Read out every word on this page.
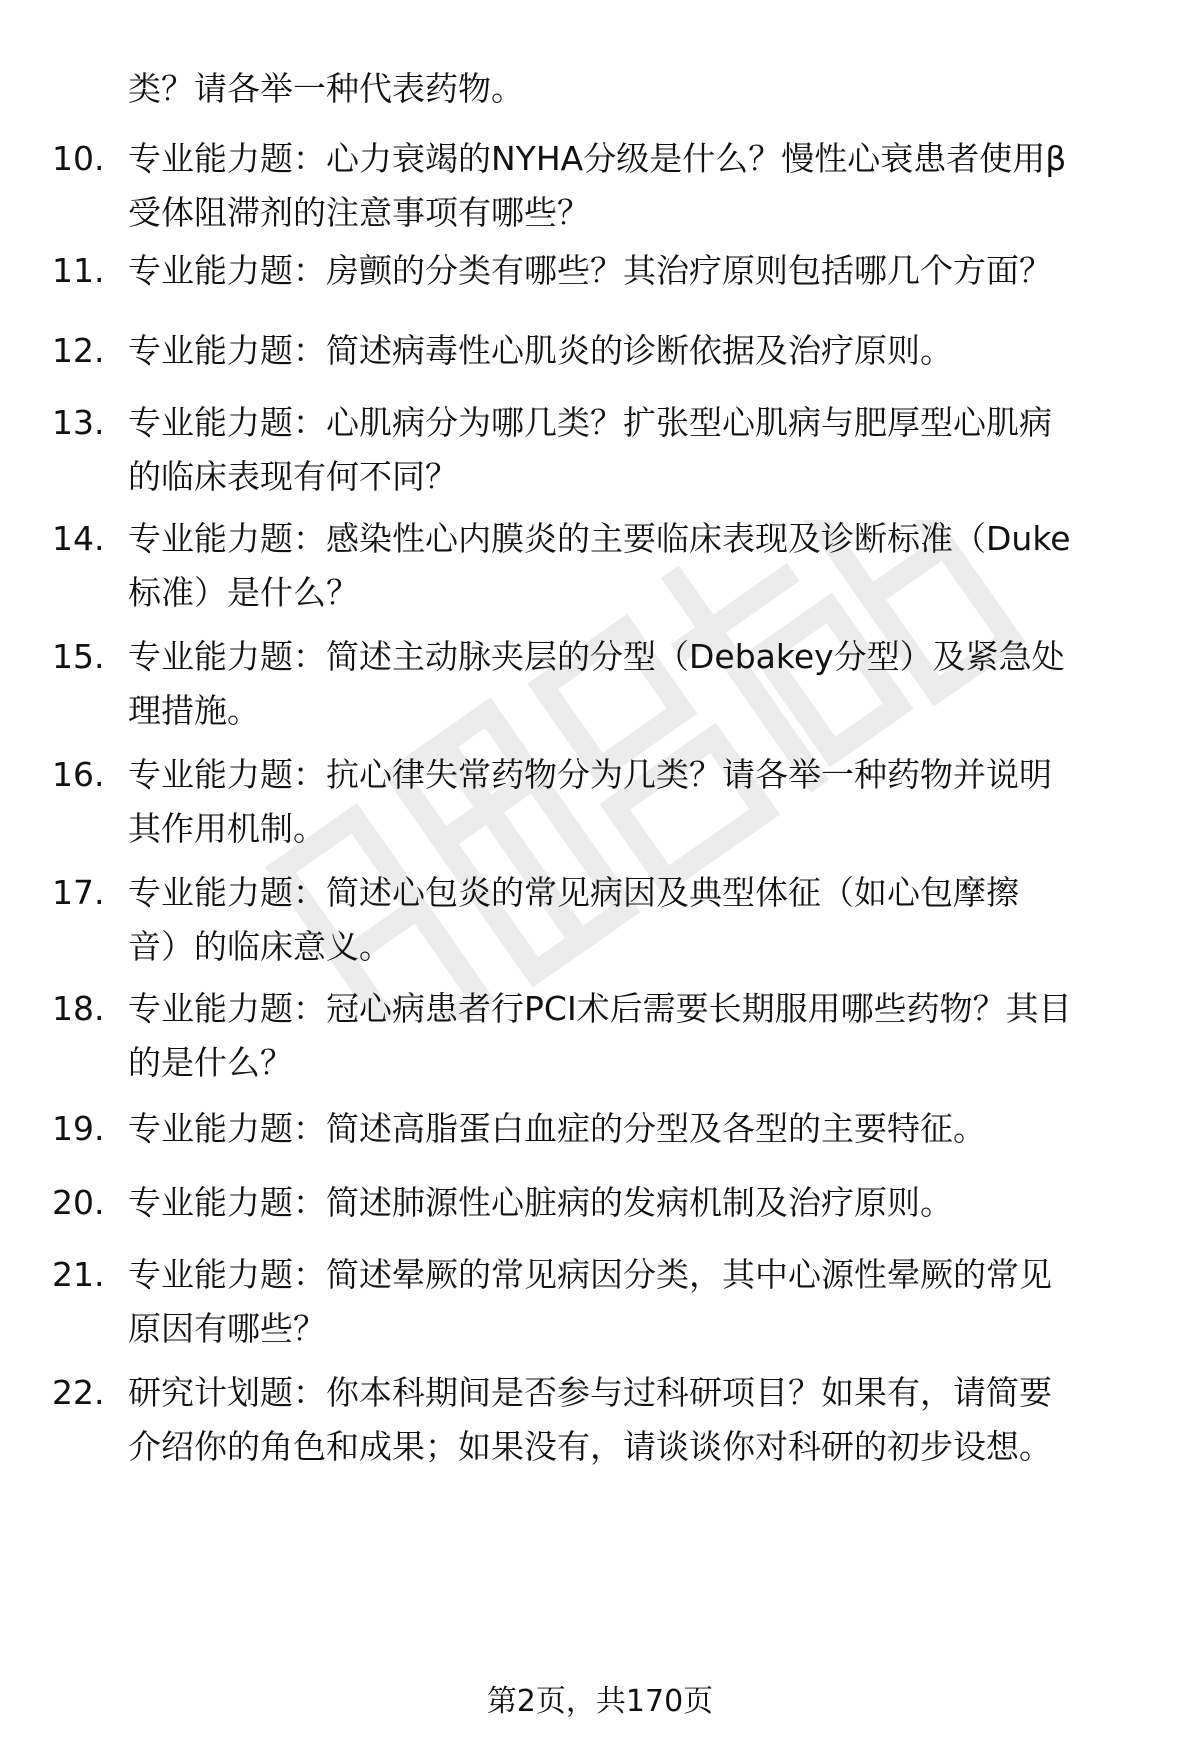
类？请各举一种代表药物。
10. 专业能力题：心力衰竭的NYHA分级是什么？慢性心衰患者使用β
受体阻滞剂的注意事项有哪些？
11. 专业能力题：房颤的分类有哪些？其治疗原则包括哪几个方面？
12. 专业能力题：简述病毒性心肌炎的诊断依据及治疗原则。
13. 专业能力题：心肌病分为哪几类？扩张型心肌病与肥厚型心肌病
的临床表现有何不同？
14. 专业能力题：感染性心内膜炎的主要临床表现及诊断标准（Duke
标准）是什么？
15. 专业能力题：简述主动脉夹层的分型（Debakey分型）及紧急处
理措施。
16. 专业能力题：抗心律失常药物分为几类？请各举一种药物并说明
其作用机制。
17. 专业能力题：简述心包炎的常见病因及典型体征（如心包摩擦
音）的临床意义。
18. 专业能力题：冠心病患者行PCI术后需要长期服用哪些药物？其目
的是什么？
19. 专业能力题：简述高脂蛋白血症的分型及各型的主要特征。
20. 专业能力题：简述肺源性心脏病的发病机制及治疗原则。
21. 专业能力题：简述晕厥的常见病因分类，其中心源性晕厥的常见
原因有哪些？
22. 研究计划题：你本科期间是否参与过科研项目？如果有，请简要
介绍你的角色和成果；如果没有，请谈谈你对科研的初步设想。
第2页，共170页
